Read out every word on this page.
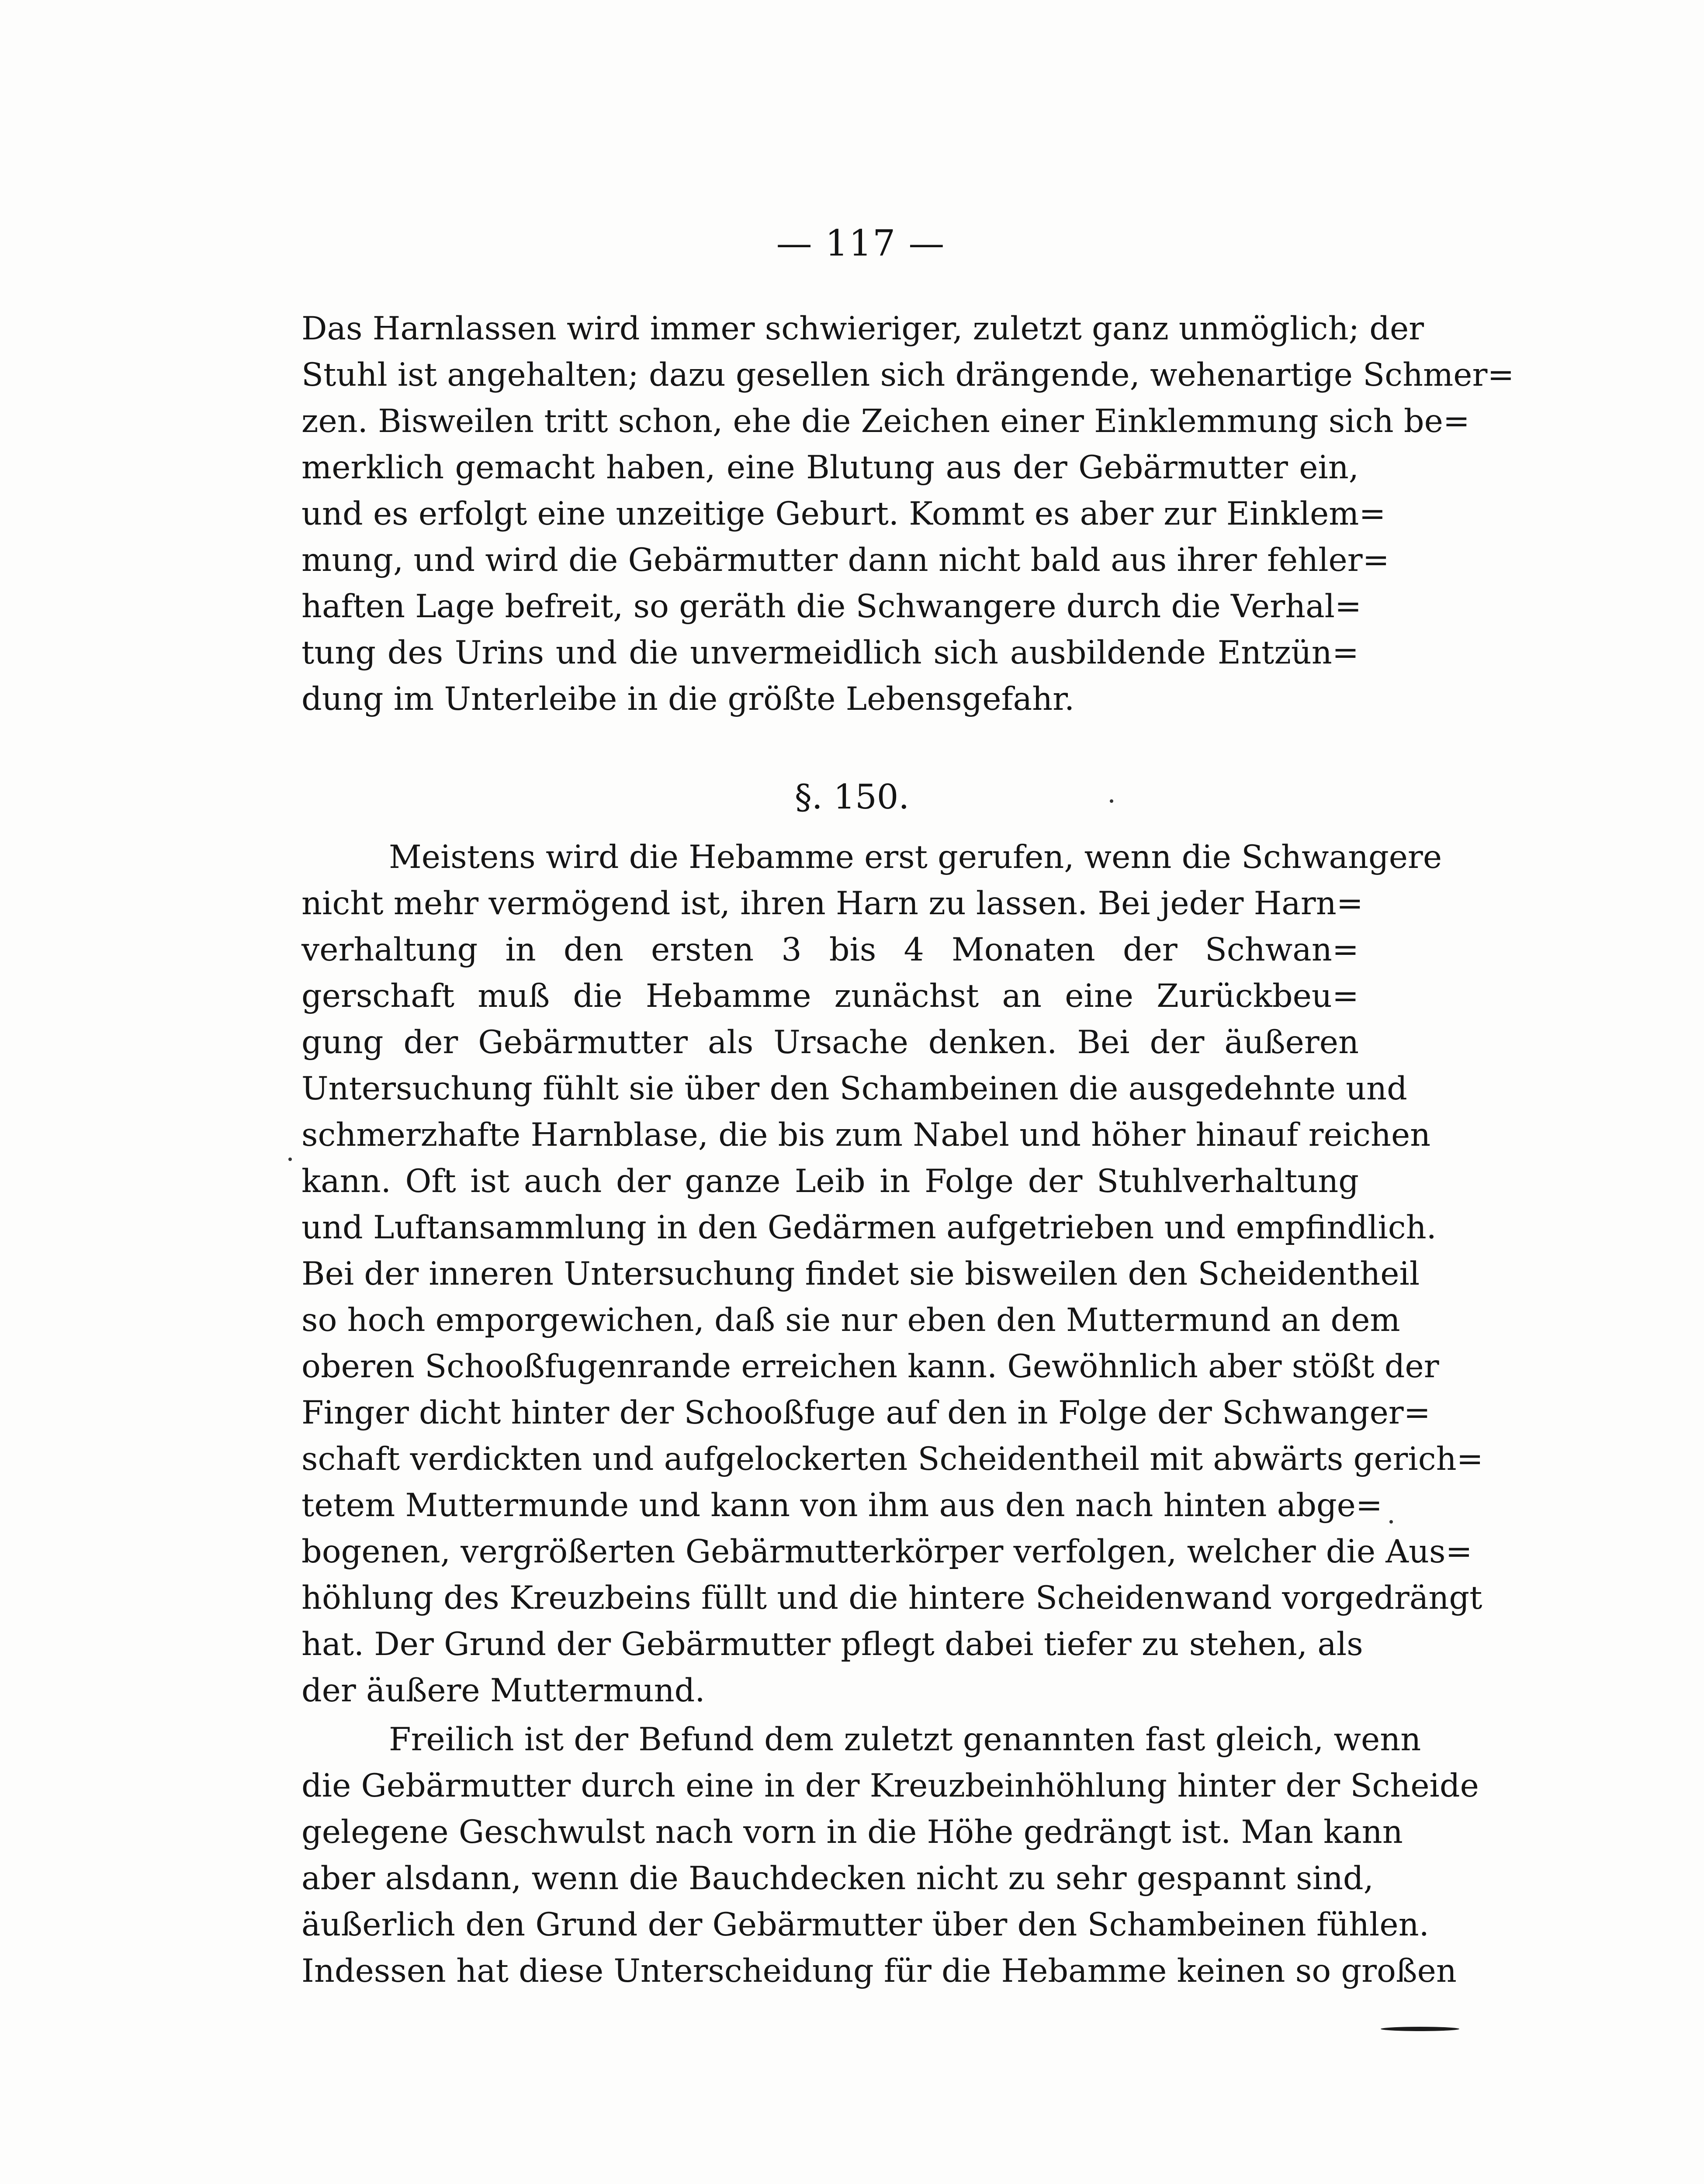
— 117 —
Das Harnlassen wird immer schwieriger, zuletzt ganz unmöglich; der
Stuhl ist angehalten; dazu gesellen sich drängende, wehenartige Schmer=
zen. Bisweilen tritt schon, ehe die Zeichen einer Einklemmung sich be=
merklich gemacht haben, eine Blutung aus der Gebärmutter ein,
und es erfolgt eine unzeitige Geburt. Kommt es aber zur Einklem=
mung, und wird die Gebärmutter dann nicht bald aus ihrer fehler=
haften Lage befreit, so geräth die Schwangere durch die Verhal=
tung des Urins und die unvermeidlich sich ausbildende Entzün=
dung im Unterleibe in die größte Lebensgefahr.
§. 150.
Meistens wird die Hebamme erst gerufen, wenn die Schwangere
nicht mehr vermögend ist, ihren Harn zu lassen. Bei jeder Harn=
verhaltung in den ersten 3 bis 4 Monaten der Schwan=
gerschaft muß die Hebamme zunächst an eine Zurückbeu=
gung der Gebärmutter als Ursache denken. Bei der äußeren
Untersuchung fühlt sie über den Schambeinen die ausgedehnte und
schmerzhafte Harnblase, die bis zum Nabel und höher hinauf reichen
kann. Oft ist auch der ganze Leib in Folge der Stuhlverhaltung
und Luftansammlung in den Gedärmen aufgetrieben und empfindlich.
Bei der inneren Untersuchung findet sie bisweilen den Scheidentheil
so hoch emporgewichen, daß sie nur eben den Muttermund an dem
oberen Schooßfugenrande erreichen kann. Gewöhnlich aber stößt der
Finger dicht hinter der Schooßfuge auf den in Folge der Schwanger=
schaft verdickten und aufgelockerten Scheidentheil mit abwärts gerich=
tetem Muttermunde und kann von ihm aus den nach hinten abge=
bogenen, vergrößerten Gebärmutterkörper verfolgen, welcher die Aus=
höhlung des Kreuzbeins füllt und die hintere Scheidenwand vorgedrängt
hat. Der Grund der Gebärmutter pflegt dabei tiefer zu stehen, als
der äußere Muttermund.
Freilich ist der Befund dem zuletzt genannten fast gleich, wenn
die Gebärmutter durch eine in der Kreuzbeinhöhlung hinter der Scheide
gelegene Geschwulst nach vorn in die Höhe gedrängt ist. Man kann
aber alsdann, wenn die Bauchdecken nicht zu sehr gespannt sind,
äußerlich den Grund der Gebärmutter über den Schambeinen fühlen.
Indessen hat diese Unterscheidung für die Hebamme keinen so großen
